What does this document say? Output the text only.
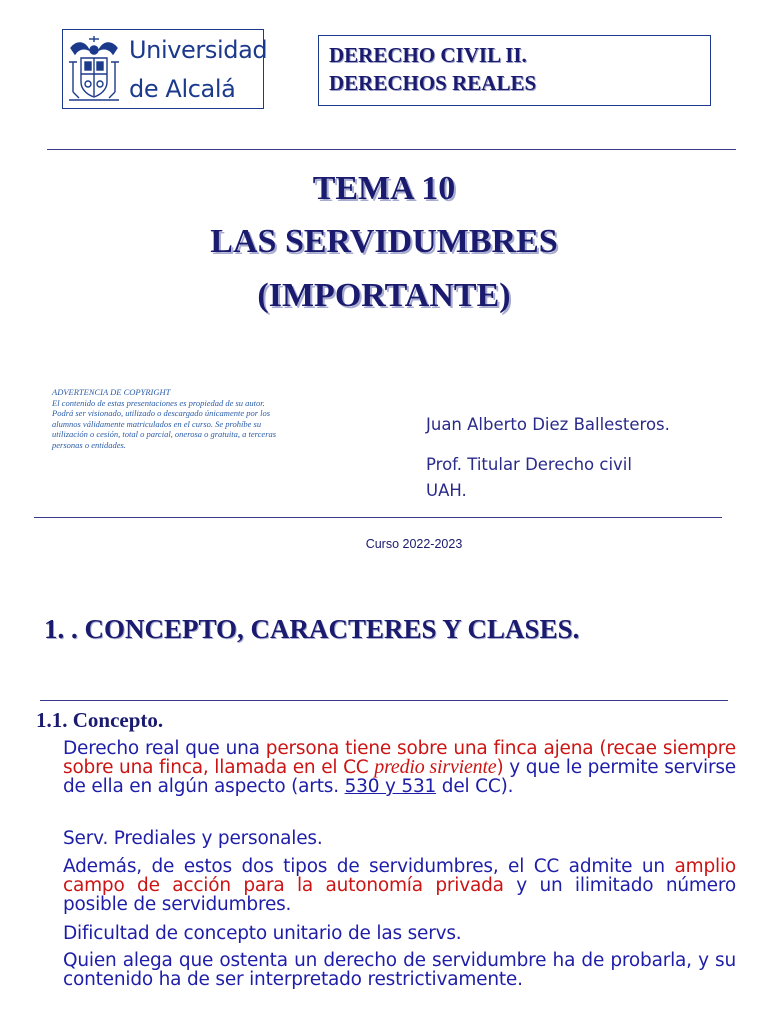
Universidad
de Alcalá
DERECHO CIVIL II.
DERECHOS REALES
TEMA 10
LAS SERVIDUMBRES
(IMPORTANTE)
ADVERTENCIA DE COPYRIGHT
El contenido de estas presentaciones es propiedad de su autor.
Podrá ser visionado, utilizado o descargado únicamente por los
alumnos válidamente matriculados en el curso. Se prohíbe su
utilización o cesión, total o parcial, onerosa o gratuita, a terceras
personas o entidades.
Juan Alberto Diez Ballesteros.
Prof. Titular Derecho civil
UAH.
Curso 2022-2023
1. . CONCEPTO, CARACTERES Y CLASES.
1.1. Concepto.
Derecho real que una persona tiene sobre una finca ajena (recae siempre sobre una finca, llamada en el CC predio sirviente) y que le permite servirse de ella en algún aspecto (arts. 530 y 531 del CC).
Serv. Prediales y personales.
Además, de estos dos tipos de servidumbres, el CC admite un amplio campo de acción para la autonomía privada y un ilimitado número posible de servidumbres.
Dificultad de concepto unitario de las servs.
Quien alega que ostenta un derecho de servidumbre ha de probarla, y su contenido ha de ser interpretado restrictivamente.
